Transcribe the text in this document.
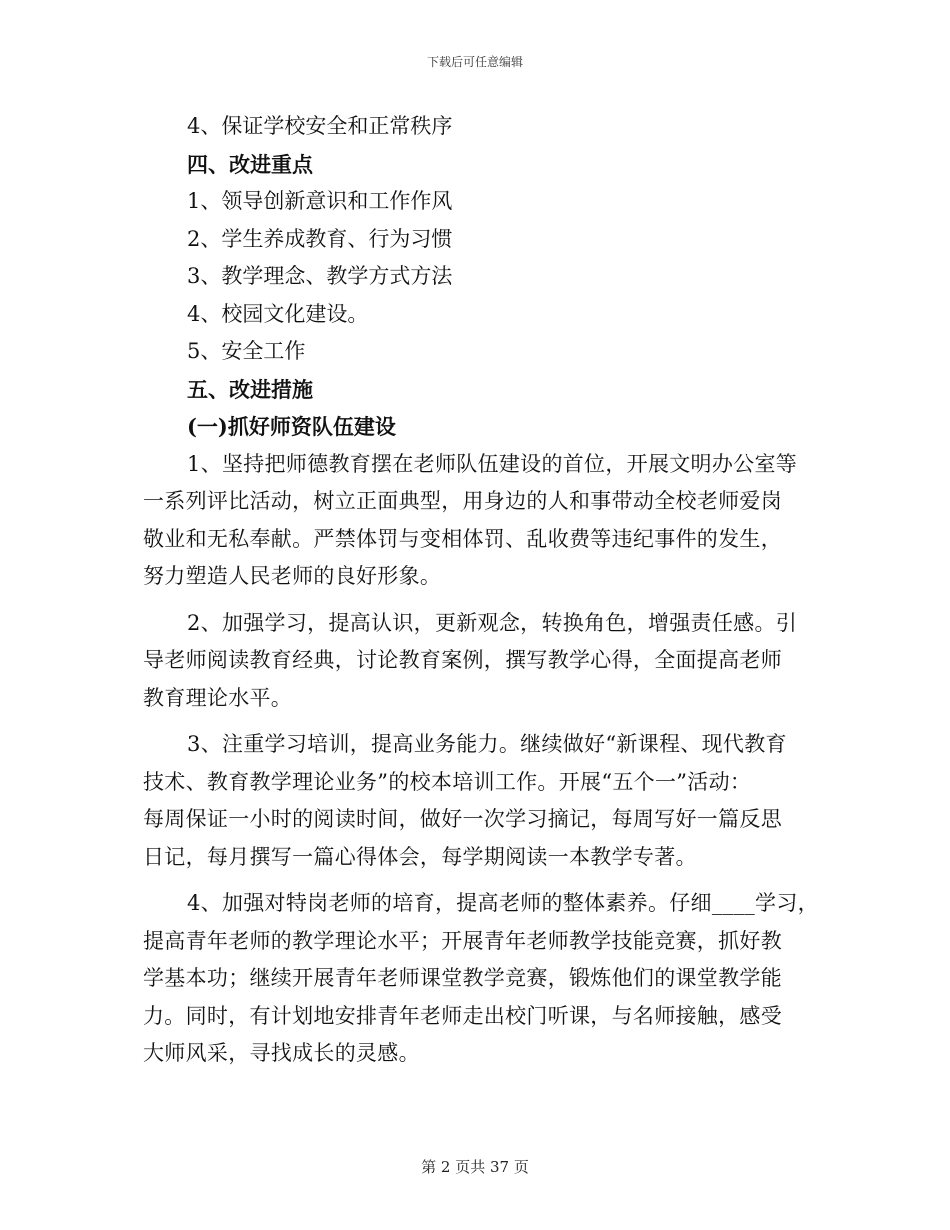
下载后可任意编辑
4、保证学校安全和正常秩序
四、改进重点
1、领导创新意识和工作作风
2、学生养成教育、行为习惯
3、教学理念、教学方式方法
4、校园文化建设。
5、安全工作
五、改进措施
(一)抓好师资队伍建设
1、坚持把师德教育摆在老师队伍建设的首位，开展文明办公室等
一系列评比活动，树立正面典型，用身边的人和事带动全校老师爱岗
敬业和无私奉献。严禁体罚与变相体罚、乱收费等违纪事件的发生，
努力塑造人民老师的良好形象。
2、加强学习，提高认识，更新观念，转换角色，增强责任感。引
导老师阅读教育经典，讨论教育案例，撰写教学心得，全面提高老师
教育理论水平。
3、注重学习培训，提高业务能力。继续做好“新课程、现代教育
技术、教育教学理论业务”的校本培训工作。开展“五个一”活动：
每周保证一小时的阅读时间，做好一次学习摘记，每周写好一篇反思
日记，每月撰写一篇心得体会，每学期阅读一本教学专著。
4、加强对特岗老师的培育，提高老师的整体素养。仔细____学习，
提高青年老师的教学理论水平；开展青年老师教学技能竞赛，抓好教
学基本功；继续开展青年老师课堂教学竞赛，锻炼他们的课堂教学能
力。同时，有计划地安排青年老师走出校门听课，与名师接触，感受
大师风采，寻找成长的灵感。
第 2 页共 37 页
